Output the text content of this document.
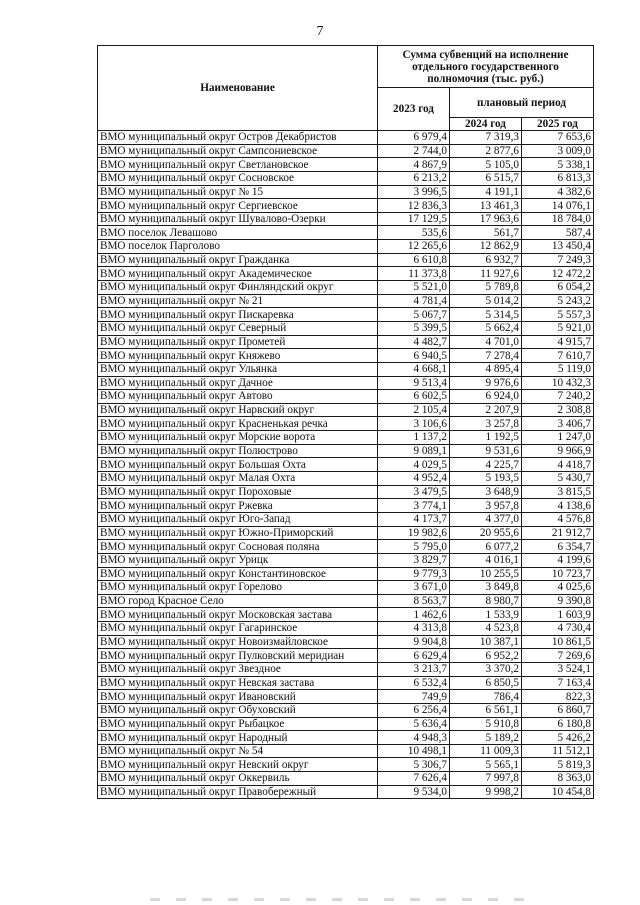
7
Наименование	Сумма субвенций на исполнение отдельного государственного полномочия (тыс. руб.)		
	2023 год	плановый период	
		2024 год	2025 год
ВМО муниципальный округ Остров Декабристов	6 979,4	7 319,3	7 653,6
ВМО муниципальный округ Сампсониевское	2 744,0	2 877,6	3 009,0
ВМО муниципальный округ Светлановское	4 867,9	5 105,0	5 338,1
ВМО муниципальный округ Сосновское	6 213,2	6 515,7	6 813,3
ВМО муниципальный округ № 15	3 996,5	4 191,1	4 382,6
ВМО муниципальный округ Сергиевское	12 836,3	13 461,3	14 076,1
ВМО муниципальный округ Шувалово-Озерки	17 129,5	17 963,6	18 784,0
ВМО поселок Левашово	535,6	561,7	587,4
ВМО поселок Парголово	12 265,6	12 862,9	13 450,4
ВМО муниципальный округ Гражданка	6 610,8	6 932,7	7 249,3
ВМО муниципальный округ Академическое	11 373,8	11 927,6	12 472,2
ВМО муниципальный округ Финляндский округ	5 521,0	5 789,8	6 054,2
ВМО муниципальный округ № 21	4 781,4	5 014,2	5 243,2
ВМО муниципальный округ Пискаревка	5 067,7	5 314,5	5 557,3
ВМО муниципальный округ Северный	5 399,5	5 662,4	5 921,0
ВМО муниципальный округ Прометей	4 482,7	4 701,0	4 915,7
ВМО муниципальный округ Княжево	6 940,5	7 278,4	7 610,7
ВМО муниципальный округ Ульянка	4 668,1	4 895,4	5 119,0
ВМО муниципальный округ Дачное	9 513,4	9 976,6	10 432,3
ВМО муниципальный округ Автово	6 602,5	6 924,0	7 240,2
ВМО муниципальный округ Нарвский округ	2 105,4	2 207,9	2 308,8
ВМО муниципальный округ Красненькая речка	3 106,6	3 257,8	3 406,7
ВМО муниципальный округ Морские ворота	1 137,2	1 192,5	1 247,0
ВМО муниципальный округ Полюстрово	9 089,1	9 531,6	9 966,9
ВМО муниципальный округ Большая Охта	4 029,5	4 225,7	4 418,7
ВМО муниципальный округ Малая Охта	4 952,4	5 193,5	5 430,7
ВМО муниципальный округ Пороховые	3 479,5	3 648,9	3 815,5
ВМО муниципальный округ Ржевка	3 774,1	3 957,8	4 138,6
ВМО муниципальный округ Юго-Запад	4 173,7	4 377,0	4 576,8
ВМО муниципальный округ Южно-Приморский	19 982,6	20 955,6	21 912,7
ВМО муниципальный округ Сосновая поляна	5 795,0	6 077,2	6 354,7
ВМО муниципальный округ Урицк	3 829,7	4 016,1	4 199,6
ВМО муниципальный округ Константиновское	9 779,3	10 255,5	10 723,7
ВМО муниципальный округ Горелово	3 671,0	3 849,8	4 025,6
ВМО город Красное Село	8 563,7	8 980,7	9 390,8
ВМО муниципальный округ Московская застава	1 462,6	1 533,9	1 603,9
ВМО муниципальный округ Гагаринское	4 313,8	4 523,8	4 730,4
ВМО муниципальный округ Новоизмайловское	9 904,8	10 387,1	10 861,5
ВМО муниципальный округ Пулковский меридиан	6 629,4	6 952,2	7 269,6
ВМО муниципальный округ Звездное	3 213,7	3 370,2	3 524,1
ВМО муниципальный округ Невская застава	6 532,4	6 850,5	7 163,4
ВМО муниципальный округ Ивановский	749,9	786,4	822,3
ВМО муниципальный округ Обуховский	6 256,4	6 561,1	6 860,7
ВМО муниципальный округ Рыбацкое	5 636,4	5 910,8	6 180,8
ВМО муниципальный округ Народный	4 948,3	5 189,2	5 426,2
ВМО муниципальный округ № 54	10 498,1	11 009,3	11 512,1
ВМО муниципальный округ Невский округ	5 306,7	5 565,1	5 819,3
ВМО муниципальный округ Оккервиль	7 626,4	7 997,8	8 363,0
ВМО муниципальный округ Правобережный	9 534,0	9 998,2	10 454,8
